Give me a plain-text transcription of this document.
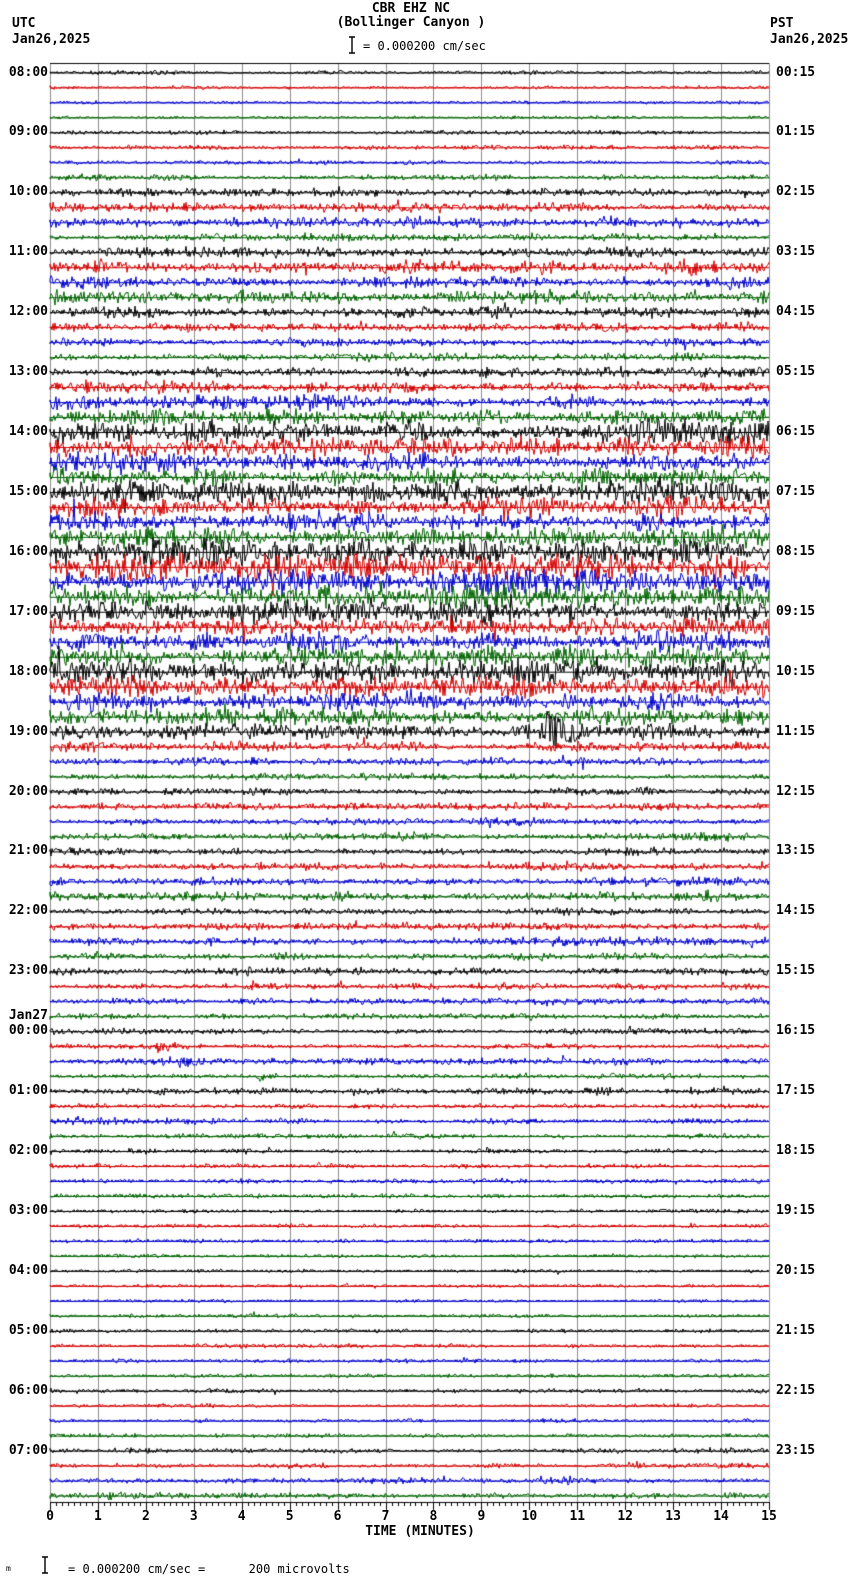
CBR EHZ NC
(Bollinger Canyon )
= 0.000200 cm/sec
UTC
Jan26,2025
PST
Jan26,2025
08:00	00:15
09:00	01:15
10:00	02:15
11:00	03:15
12:00	04:15
13:00	05:15
14:00	06:15
15:00	07:15
16:00	08:15
17:00	09:15
18:00	10:15
19:00	11:15
20:00	12:15
21:00	13:15
22:00	14:15
23:00	15:15
00:00	16:15
Jan27
01:00	17:15
02:00	18:15
03:00	19:15
04:00	20:15
05:00	21:15
06:00	22:15
07:00	23:15
0	1	2	3	4	5	6	7	8	9	10	11	12	13	14	15
TIME (MINUTES)
m	= 0.000200 cm/sec =      200 microvolts
